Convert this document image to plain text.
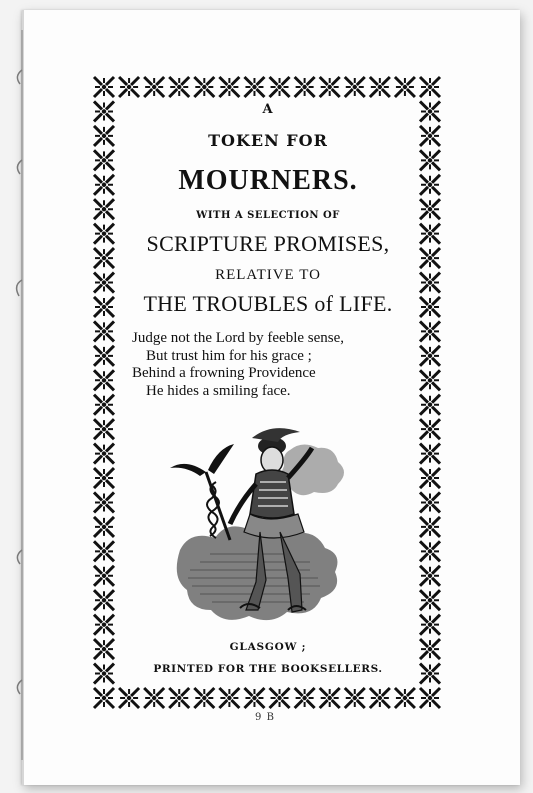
A

TOKEN FOR

MOURNERS.

WITH A SELECTION OF

SCRIPTURE PROMISES,

RELATIVE TO

THE TROUBLES of LIFE.

Judge not the Lord by feeble sense,
But trust him for his grace ;
Behind a frowning Providence
He hides a smiling face.
GLASGOW ;
PRINTED FOR THE BOOKSELLERS.
9 B
